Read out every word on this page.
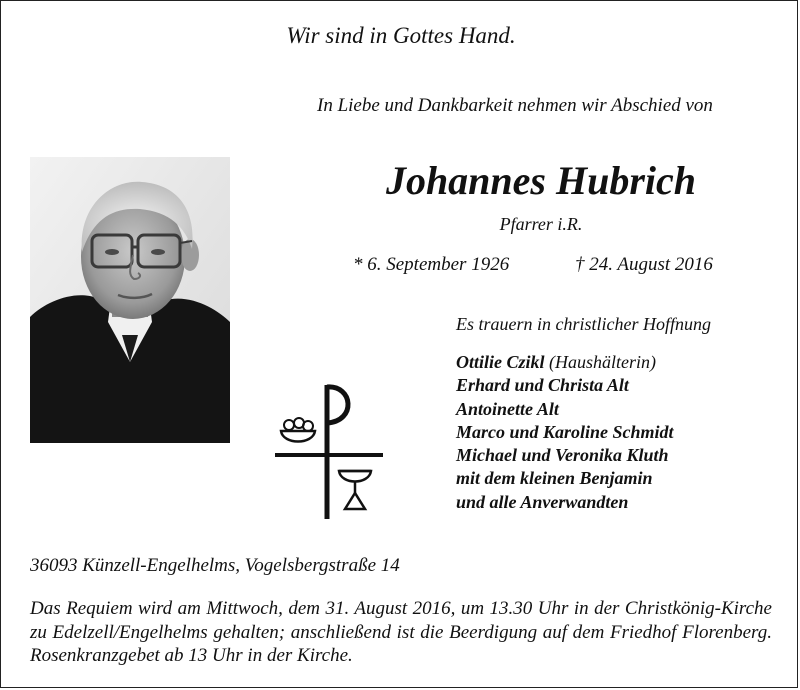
Wir sind in Gottes Hand.
In Liebe und Dankbarkeit nehmen wir Abschied von
Johannes Hubrich
Pfarrer i.R.
* 6. September 1926	† 24. August 2016
Es trauern in christlicher Hoffnung
Ottilie Czikl (Haushälterin)
Erhard und Christa Alt
Antoinette Alt
Marco und Karoline Schmidt
Michael und Veronika Kluth
mit dem kleinen Benjamin
und alle Anverwandten
36093 Künzell-Engelhelms, Vogelsbergstraße 14
Das Requiem wird am Mittwoch, dem 31. August 2016, um 13.30 Uhr in der Christkönig-Kirche zu Edelzell/Engelhelms gehalten; anschließend ist die Beerdigung auf dem Friedhof Florenberg. Rosenkranzgebet ab 13 Uhr in der Kirche.
